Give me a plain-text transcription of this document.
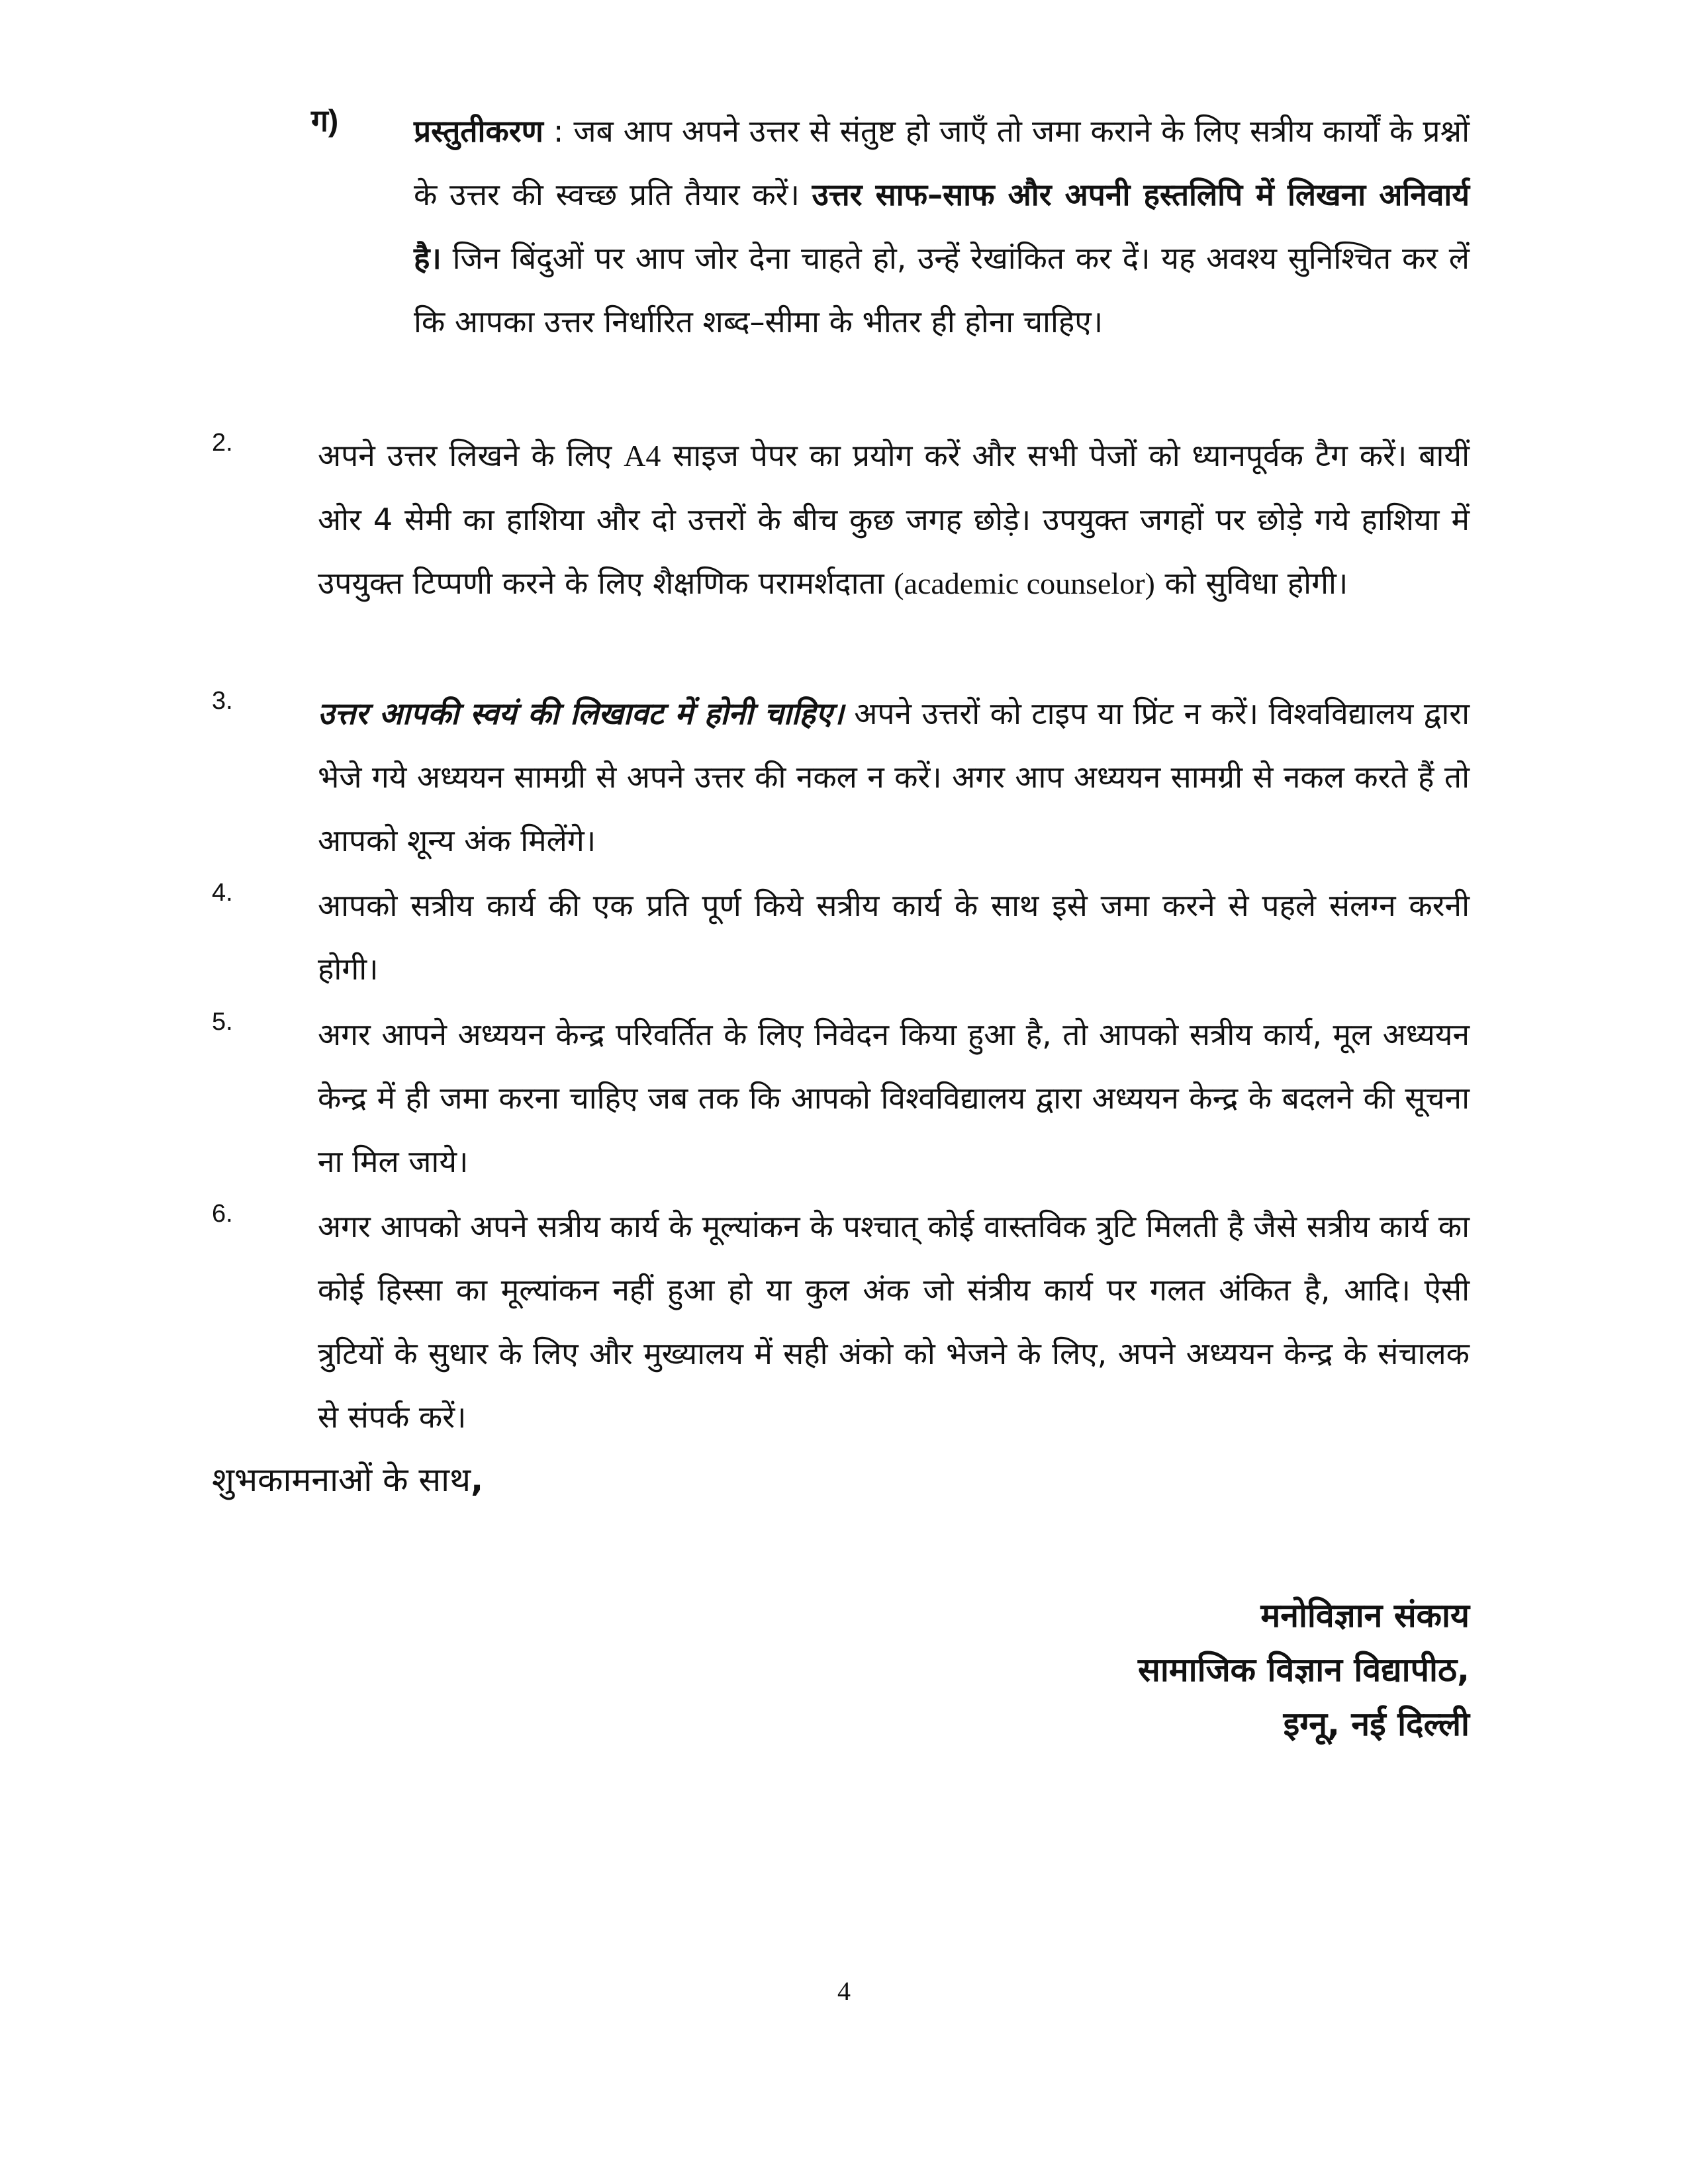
ग) प्रस्तुतीकरण : जब आप अपने उत्तर से संतुष्ट हो जाएँ तो जमा कराने के लिए सत्रीय कार्यों के प्रश्नों के उत्तर की स्वच्छ प्रति तैयार करें। उत्तर साफ–साफ और अपनी हस्तलिपि में लिखना अनिवार्य है। जिन बिंदुओं पर आप जोर देना चाहते हो, उन्हें रेखांकित कर दें। यह अवश्य सुनिश्चित कर लें कि आपका उत्तर निर्धारित शब्द–सीमा के भीतर ही होना चाहिए।
2.	अपने उत्तर लिखने के लिए A4 साइज पेपर का प्रयोग करें और सभी पेजों को ध्यानपूर्वक टैग करें। बायीं ओर 4 सेमी का हाशिया और दो उत्तरों के बीच कुछ जगह छोड़े। उपयुक्त जगहों पर छोड़े गये हाशिया में उपयुक्त टिप्पणी करने के लिए शैक्षणिक परामर्शदाता (academic counselor) को सुविधा होगी।
3.	उत्तर आपकी स्वयं की लिखावट में होनी चाहिए। अपने उत्तरों को टाइप या प्रिंट न करें। विश्वविद्यालय द्वारा भेजे गये अध्ययन सामग्री से अपने उत्तर की नकल न करें। अगर आप अध्ययन सामग्री से नकल करते हैं तो आपको शून्य अंक मिलेंगे।
4.	आपको सत्रीय कार्य की एक प्रति पूर्ण किये सत्रीय कार्य के साथ इसे जमा करने से पहले संलग्न करनी होगी।
5.	अगर आपने अध्ययन केन्द्र परिवर्तित के लिए निवेदन किया हुआ है, तो आपको सत्रीय कार्य, मूल अध्ययन केन्द्र में ही जमा करना चाहिए जब तक कि आपको विश्वविद्यालय द्वारा अध्ययन केन्द्र के बदलने की सूचना ना मिल जाये।
6.	अगर आपको अपने सत्रीय कार्य के मूल्यांकन के पश्चात् कोई वास्तविक त्रुटि मिलती है जैसे सत्रीय कार्य का कोई हिस्सा का मूल्यांकन नहीं हुआ हो या कुल अंक जो संत्रीय कार्य पर गलत अंकित है, आदि। ऐसी त्रुटियों के सुधार के लिए और मुख्यालय में सही अंको को भेजने के लिए, अपने अध्ययन केन्द्र के संचालक से संपर्क करें।
शुभकामनाओं के साथ,
मनोविज्ञान संकाय
सामाजिक विज्ञान विद्यापीठ,
इग्नू, नई दिल्ली
4
